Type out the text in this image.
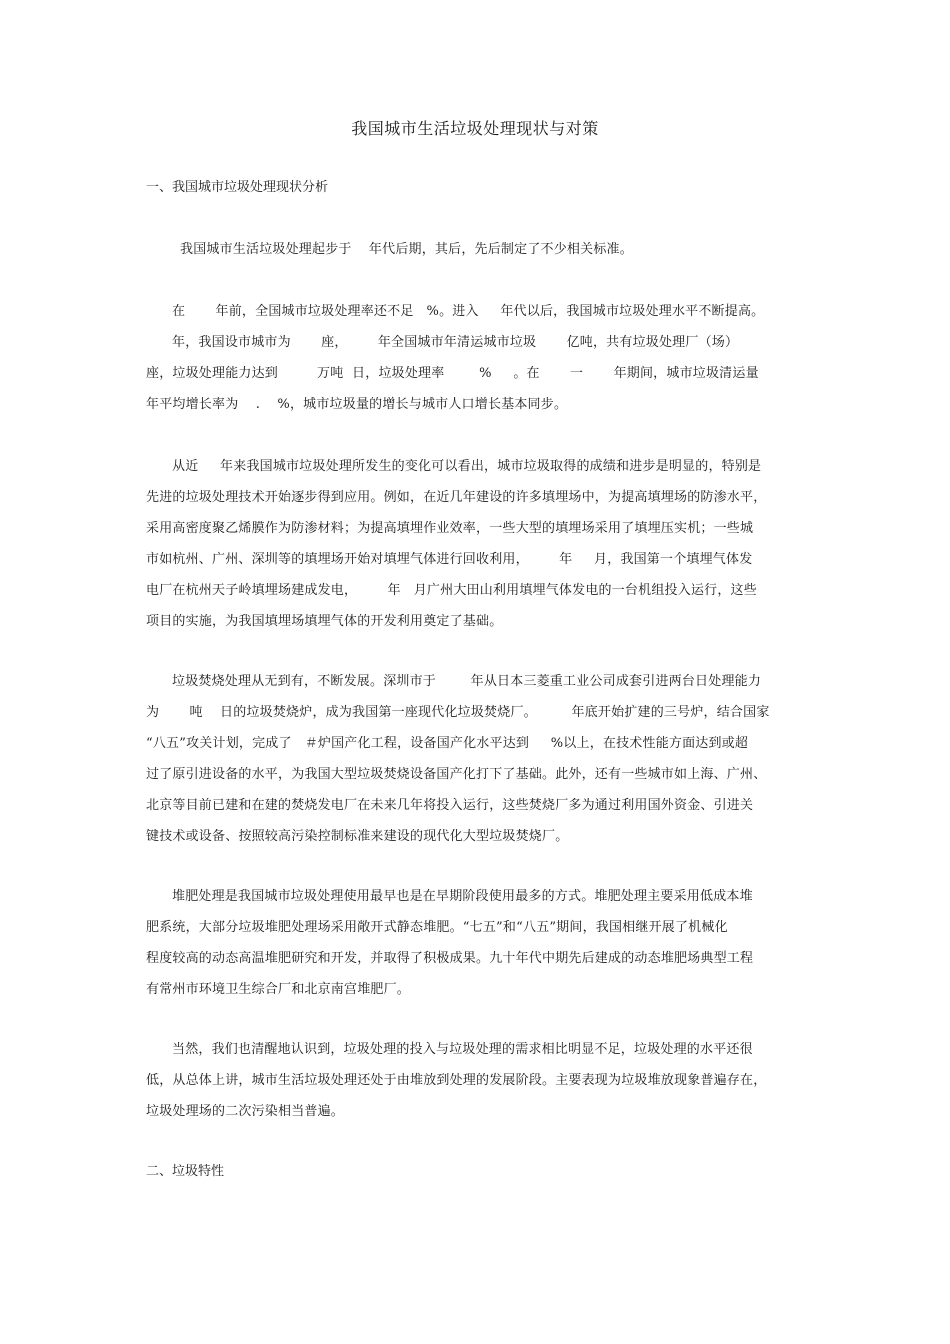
我国城市生活垃圾处理现状与对策
一、我国城市垃圾处理现状分析
我国城市生活垃圾处理起步于    年代后期，其后，先后制定了不少相关标准。
在       年前，全国城市垃圾处理率还不足   %。进入     年代以后，我国城市垃圾处理水平不断提高。
年，我国设市城市为       座，       年全国城市年清运城市垃圾       亿吨，共有垃圾处理厂（场）
座，垃圾处理能力达到         万吨  日，垃圾处理率        %     。在       一       年期间，城市垃圾清运量
年平均增长率为    .    %，城市垃圾量的增长与城市人口增长基本同步。
从近     年来我国城市垃圾处理所发生的变化可以看出，城市垃圾取得的成绩和进步是明显的，特别是
先进的垃圾处理技术开始逐步得到应用。例如，在近几年建设的许多填埋场中，为提高填埋场的防渗水平，
采用高密度聚乙烯膜作为防渗材料；为提高填埋作业效率，一些大型的填埋场采用了填埋压实机；一些城
市如杭州、广州、深圳等的填埋场开始对填埋气体进行回收利用，       年     月，我国第一个填埋气体发
电厂在杭州天子岭填埋场建成发电，       年   月广州大田山利用填埋气体发电的一台机组投入运行，这些
项目的实施，为我国填埋场填埋气体的开发利用奠定了基础。
垃圾焚烧处理从无到有，不断发展。深圳市于        年从日本三菱重工业公司成套引进两台日处理能力
为       吨    日的垃圾焚烧炉，成为我国第一座现代化垃圾焚烧厂。        年底开始扩建的三号炉，结合国家
“八五”攻关计划，完成了   ＃炉国产化工程，设备国产化水平达到     %以上，在技术性能方面达到或超
过了原引进设备的水平，为我国大型垃圾焚烧设备国产化打下了基础。此外，还有一些城市如上海、广州、
北京等目前已建和在建的焚烧发电厂在未来几年将投入运行，这些焚烧厂多为通过利用国外资金、引进关
键技术或设备、按照较高污染控制标准来建设的现代化大型垃圾焚烧厂。
堆肥处理是我国城市垃圾处理使用最早也是在早期阶段使用最多的方式。堆肥处理主要采用低成本堆
肥系统，大部分垃圾堆肥处理场采用敞开式静态堆肥。“七五”和“八五”期间，我国相继开展了机械化
程度较高的动态高温堆肥研究和开发，并取得了积极成果。九十年代中期先后建成的动态堆肥场典型工程
有常州市环境卫生综合厂和北京南宫堆肥厂。
当然，我们也清醒地认识到，垃圾处理的投入与垃圾处理的需求相比明显不足，垃圾处理的水平还很
低，从总体上讲，城市生活垃圾处理还处于由堆放到处理的发展阶段。主要表现为垃圾堆放现象普遍存在，
垃圾处理场的二次污染相当普遍。
二、垃圾特性
